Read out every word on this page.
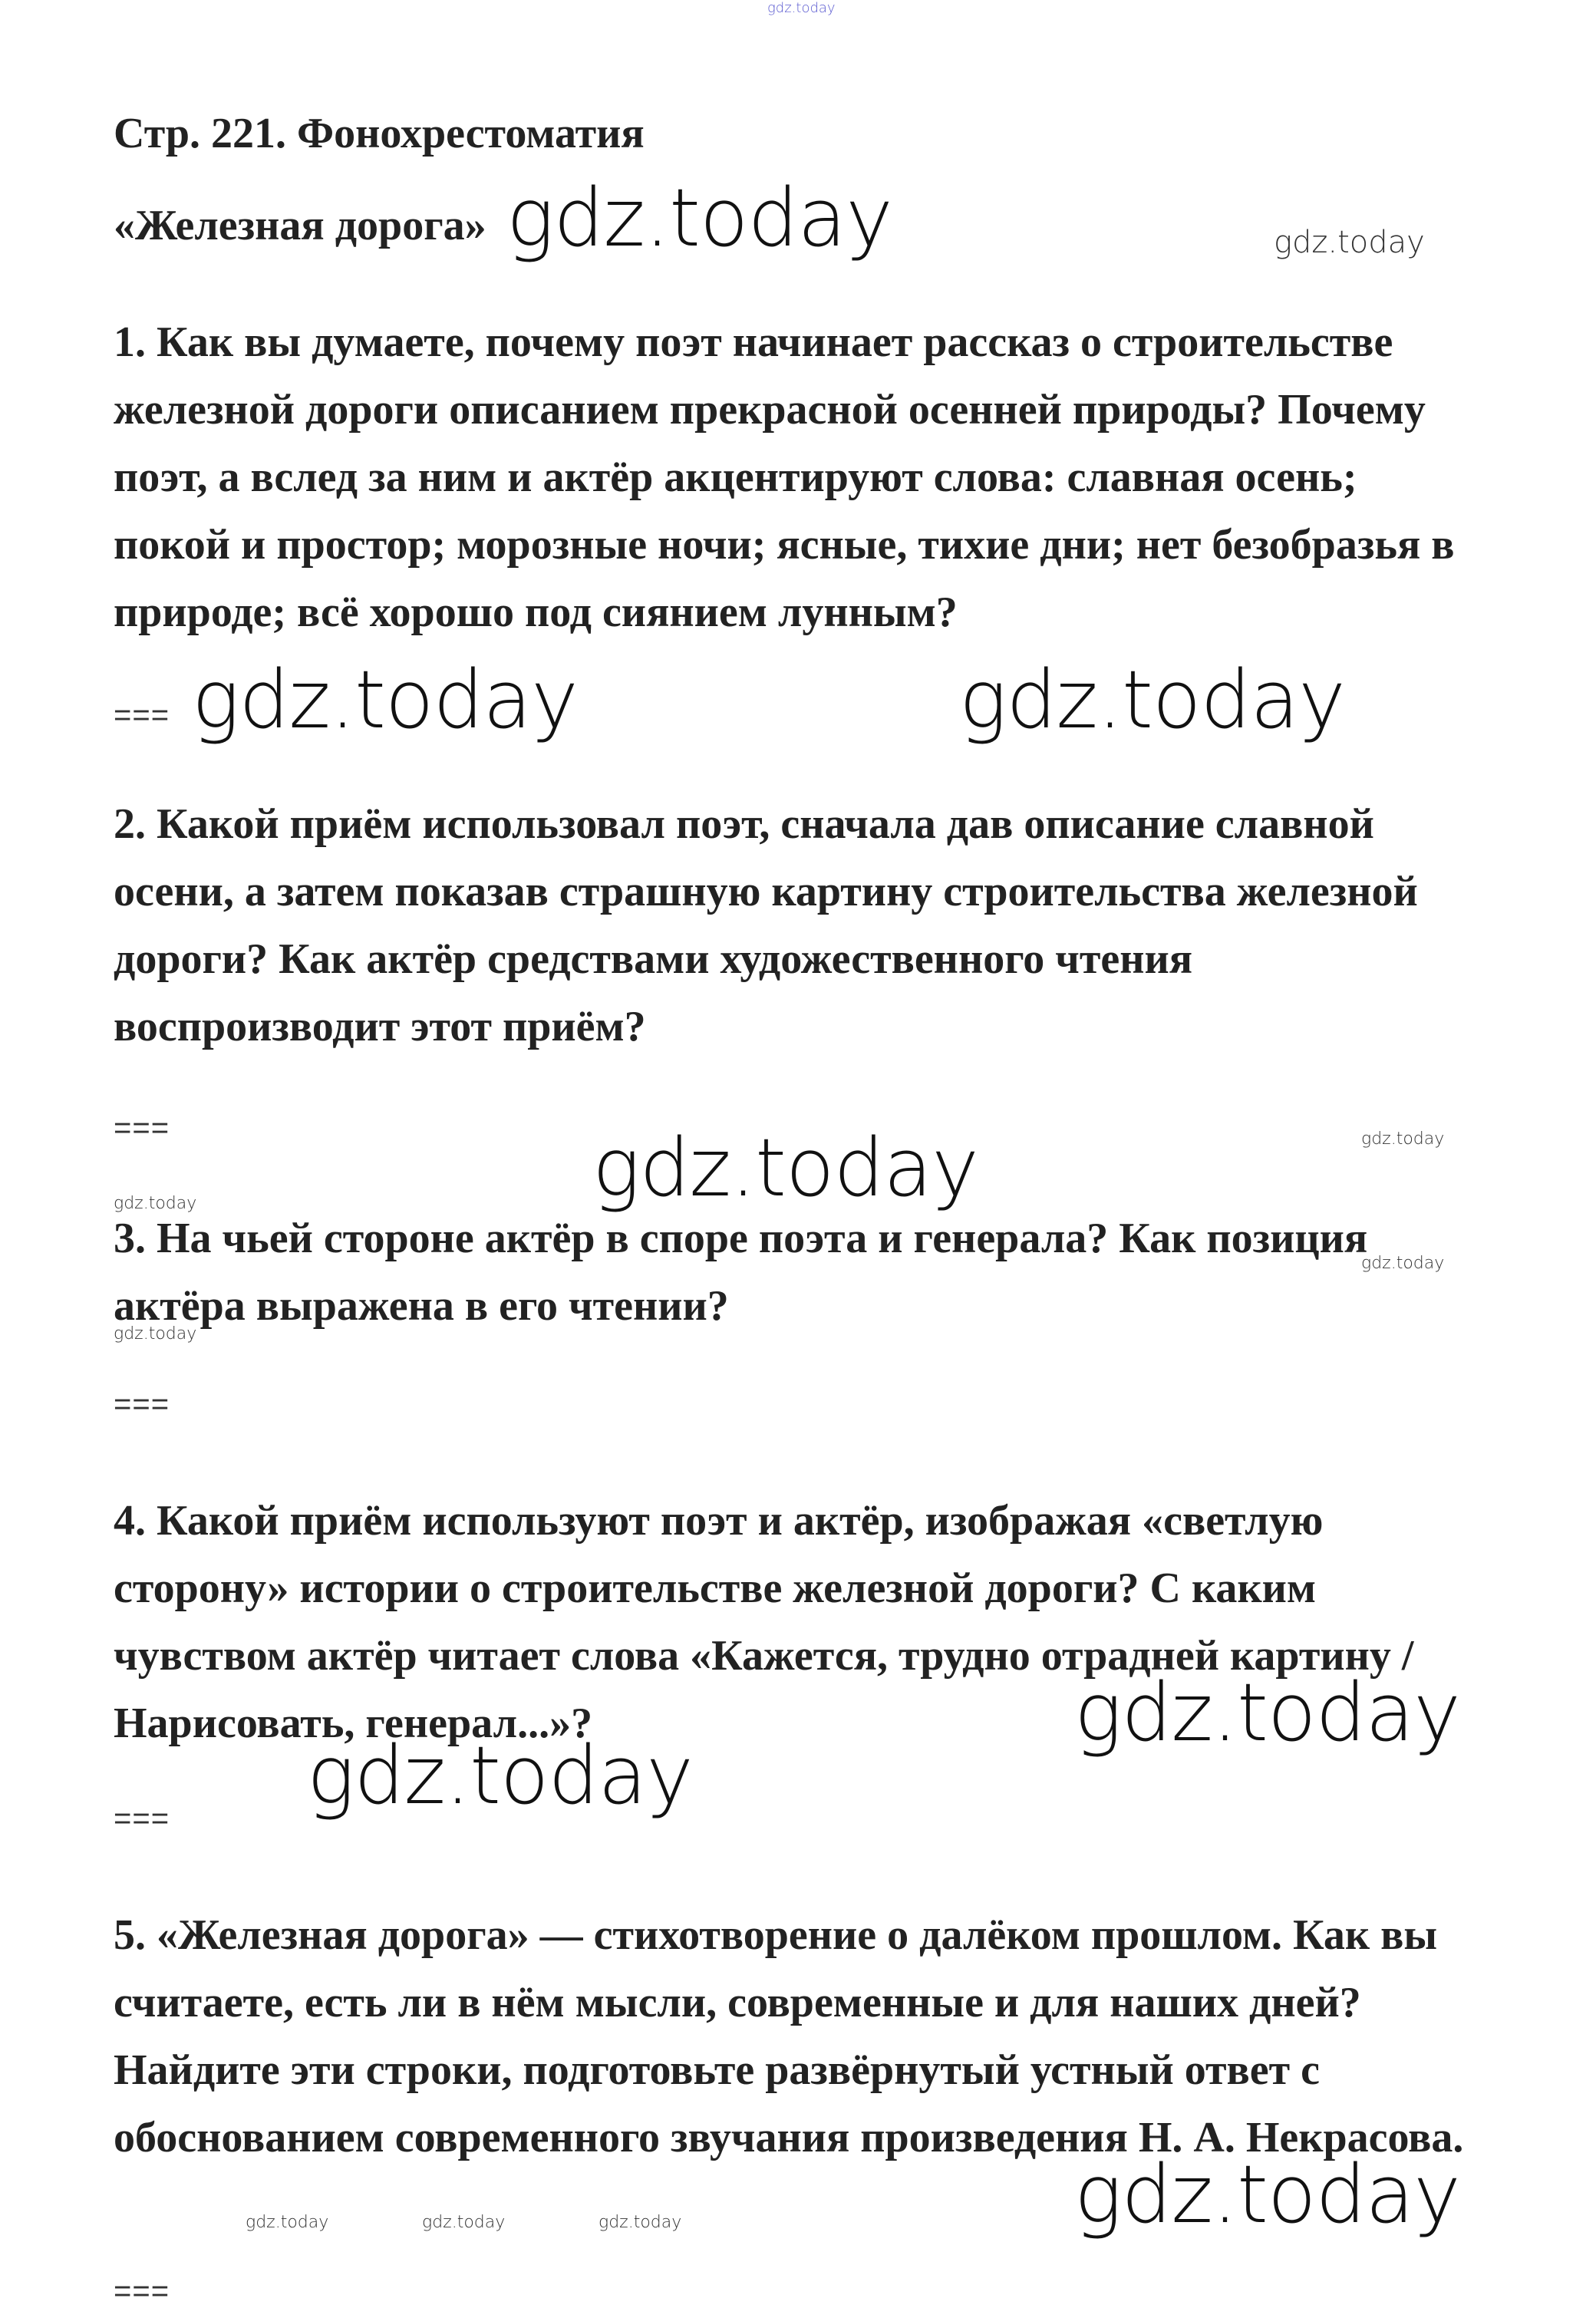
gdz.today
Стр. 221. Фонохрестоматия
«Железная дорога» gdz.today	gdz.today

1. Как вы думаете, почему поэт начинает рассказ о строительстве железной дороги описанием прекрасной осенней природы? Почему поэт, а вслед за ним и актёр акцентируют слова: славная осень; покой и простор; морозные ночи; ясные, тихие дни; нет безобразья в природе; всё хорошо под сиянием лунным?

=== gdz.today	gdz.today

2. Какой приём использовал поэт, сначала дав описание славной осени, а затем показав страшную картину строительства железной дороги? Как актёр средствами художественного чтения воспроизводит этот приём?

===	gdz.today	gdz.today
gdz.today

3. На чьей стороне актёр в споре поэта и генерала? Как позиция актёра выражена в его чтении?

gdz.today
gdz.today
===

4. Какой приём используют поэт и актёр, изображая «светлую сторону» истории о строительстве железной дороги? С каким чувством актёр читает слова «Кажется, трудно отрадней картину / Нарисовать, генерал...»?	gdz.today
gdz.today
===

5. «Железная дорога» — стихотворение о далёком прошлом. Как вы считаете, есть ли в нём мысли, современные и для наших дней? Найдите эти строки, подготовьте развёрнутый устный ответ с обоснованием современного звучания произведения Н. А. Некрасова.

gdz.today
gdz.today	gdz.today	gdz.today
===
